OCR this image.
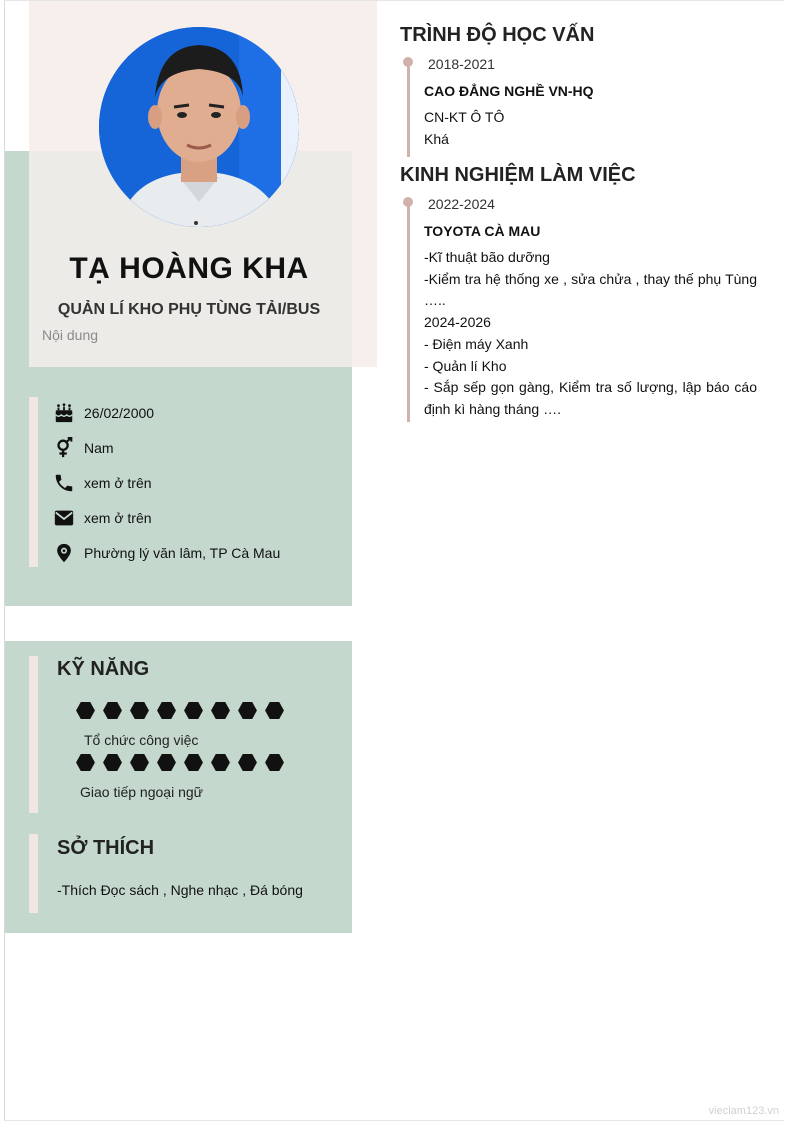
TẠ HOÀNG KHA
QUẢN LÍ KHO PHỤ TÙNG TẢI/BUS
Nội dung
26/02/2000
Nam
xem ở trên
xem ở trên
Phường lý văn lâm, TP Cà Mau
KỸ NĂNG
Tổ chức công việc
Giao tiếp ngoại ngữ
SỞ THÍCH
-Thích Đọc sách , Nghe nhạc , Đá bóng
TRÌNH ĐỘ HỌC VẤN
2018-2021
CAO ĐẲNG NGHỀ VN-HQ
CN-KT Ô TÔ
Khá
KINH NGHIỆM LÀM VIỆC
2022-2024
TOYOTA CÀ MAU
-Kĩ thuật bão dưỡng
-Kiểm tra hệ thống xe , sửa chửa , thay thế phụ Tùng …..
2024-2026
- Điện máy Xanh
- Quản lí Kho
- Sắp sếp gọn gàng, Kiểm tra số lượng, lập báo cáo định kì hàng tháng ….
vieclam123.vn
